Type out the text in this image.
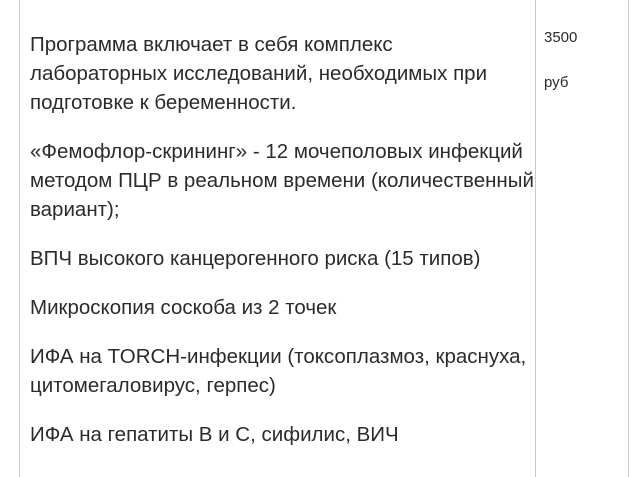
Программа включает в себя комплекс лабораторных исследований, необходимых при подготовке к беременности.

«Фемофлор-скрининг» - 12 мочеполовых инфекций методом ПЦР в реальном времени (количественный вариант);

ВПЧ высокого канцерогенного риска (15 типов)

Микроскопия соскоба из 2 точек

ИФА на TORCH-инфекции (токсоплазмоз, краснуха, цитомегаловирус, герпес)

ИФА на гепатиты B и C, сифилис, ВИЧ

3500
руб
